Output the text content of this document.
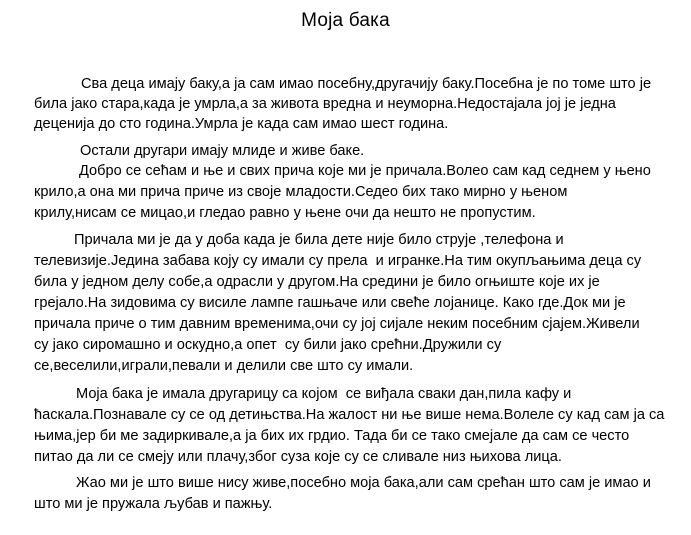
Моја бака
Сва деца имају баку,а ја сам имао посебну,другачију баку.Посебна је по томе што је
била јако стара,када је умрла,а за живота вредна и неуморна.Недостајала јој је једна
деценија до сто година.Умрла је када сам имао шест година.
Остали другари имају млиде и живе баке.
Добро се сећам и ње и свих прича које ми је причала.Волео сам кад седнем у њено
крило,а она ми прича приче из своје младости.Седео бих тако мирно у њеном
крилу,нисам се мицао,и гледао равно у њене очи да нешто не пропустим.
Причала ми је да у доба када је била дете није било струје ,телефона и
телевизије.Једина забава коју су имали су прела  и игранке.На тим окупљањима деца су
била у једном делу собе,а одрасли у другом.На средини је било огњиште које их је
грејало.На зидовима су висиле лампе гашњаче или свеће лојанице. Како где.Док ми је
причала приче о тим давним временима,очи су јој сијале неким посебним сјајем.Живели
су јако сиромашно и оскудно,а опет  су били јако срећни.Дружили су
се,веселили,играли,певали и делили све што су имали.
Моја бака је имала другарицу са којом  се виђала сваки дан,пила кафу и
ћаскала.Познавале су се од детињства.На жалост ни ње више нема.Волеле су кад сам ја са
њима,јер би ме задиркивале,а ја бих их грдио. Тада би се тако смејале да сам се често
питао да ли се смеју или плачу,због суза које су се сливале низ њихова лица.
Жао ми је што више нису живе,посебно моја бака,али сам срећан што сам је имао и
што ми је пружала љубав и пажњу.
